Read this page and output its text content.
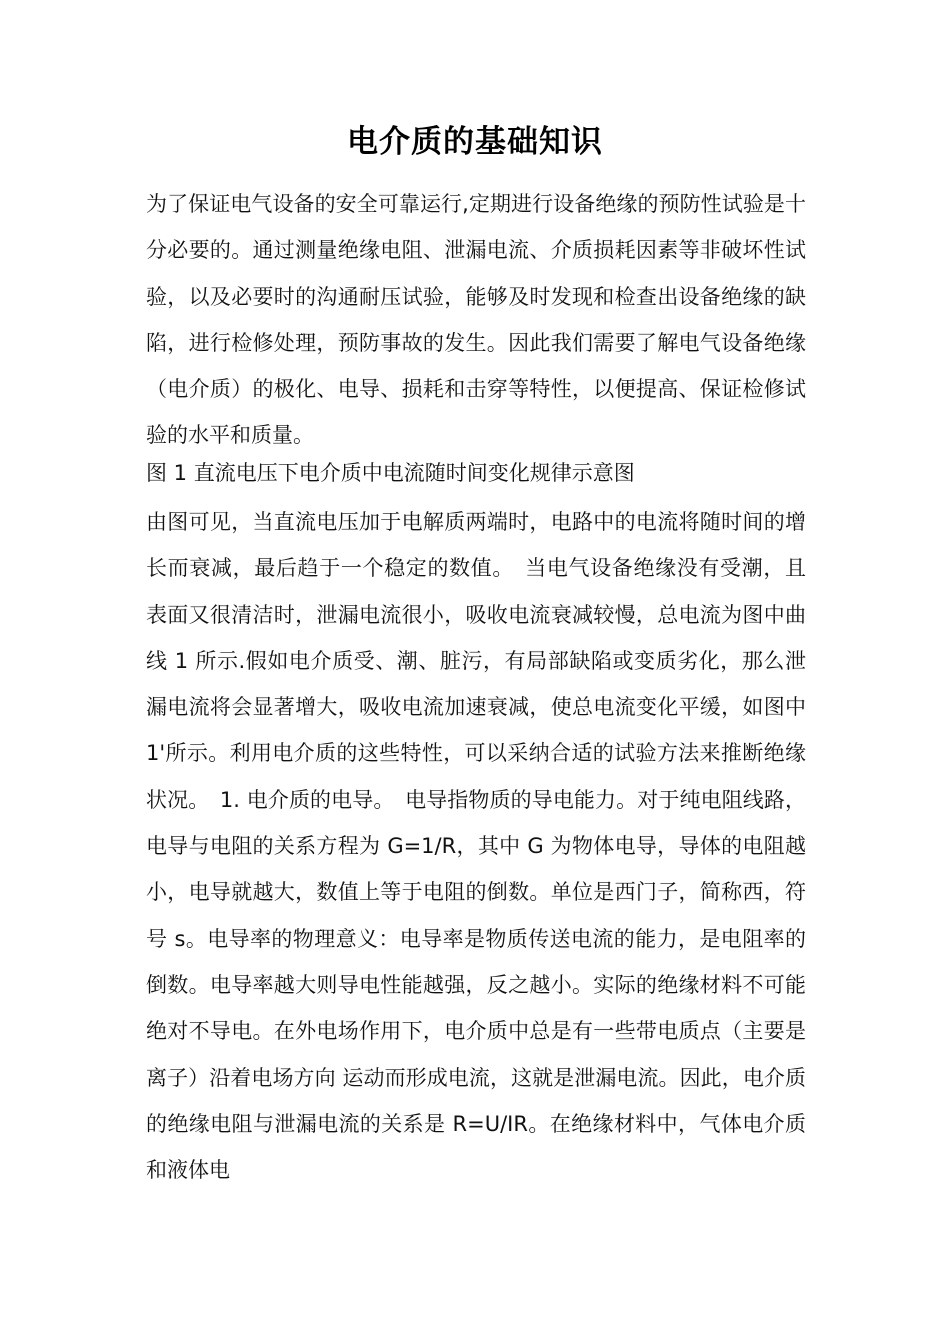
电介质的基础知识

为了保证电气设备的安全可靠运行,定期进行设备绝缘的预防性试验是十分必要的。通过测量绝缘电阻、泄漏电流、介质损耗因素等非破坏性试验，以及必要时的沟通耐压试验，能够及时发现和检查出设备绝缘的缺陷，进行检修处理，预防事故的发生。因此我们需要了解电气设备绝缘（电介质）的极化、电导、损耗和击穿等特性，以便提高、保证检修试验的水平和质量。

图 1 直流电压下电介质中电流随时间变化规律示意图

由图可见，当直流电压加于电解质两端时，电路中的电流将随时间的增长而衰减，最后趋于一个稳定的数值。　当电气设备绝缘没有受潮，且表面又很清洁时，泄漏电流很小，吸收电流衰减较慢，总电流为图中曲线 1 所示.假如电介质受、潮、脏污，有局部缺陷或变质劣化，那么泄漏电流将会显著增大，吸收电流加速衰减，使总电流变化平缓，如图中 1'所示。利用电介质的这些特性，可以采纳合适的试验方法来推断绝缘状况。　1. 电介质的电导。　电导指物质的导电能力。对于纯电阻线路，电导与电阻的关系方程为 G=1/R，其中 G 为物体电导，导体的电阻越小，电导就越大，数值上等于电阻的倒数。单位是西门子，简称西，符号 s。电导率的物理意义：电导率是物质传送电流的能力，是电阻率的倒数。电导率越大则导电性能越强，反之越小。实际的绝缘材料不可能绝对不导电。在外电场作用下，电介质中总是有一些带电质点（主要是离子）沿着电场方向 运动而形成电流，这就是泄漏电流。因此，电介质的绝缘电阻与泄漏电流的关系是 R=U/IR。在绝缘材料中，气体电介质和液体电
